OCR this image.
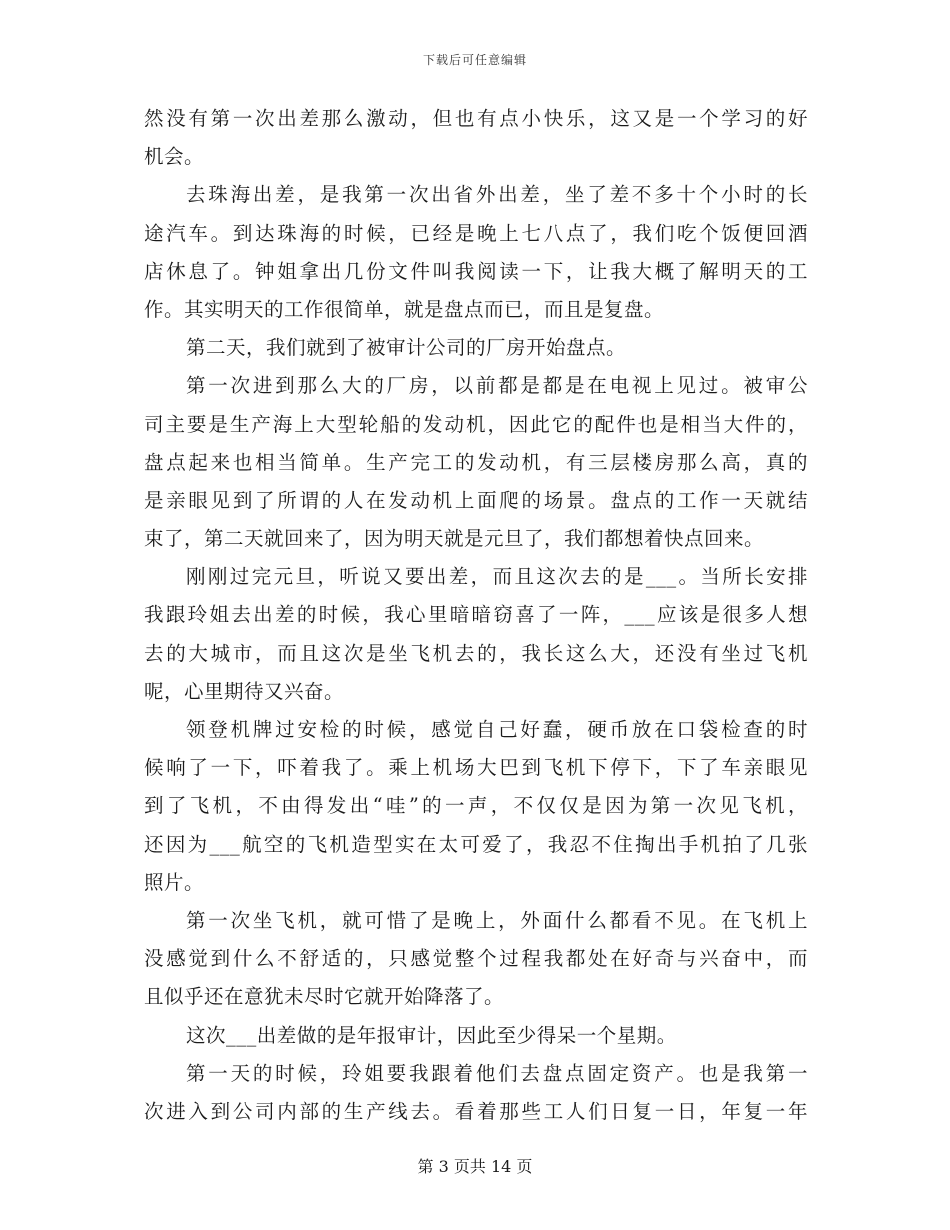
下载后可任意编辑
然没有第一次出差那么激动，但也有点小快乐，这又是一个学习的好
机会。
去珠海出差，是我第一次出省外出差，坐了差不多十个小时的长
途汽车。到达珠海的时候，已经是晚上七八点了，我们吃个饭便回酒
店休息了。钟姐拿出几份文件叫我阅读一下，让我大概了解明天的工
作。其实明天的工作很简单，就是盘点而已，而且是复盘。
第二天，我们就到了被审计公司的厂房开始盘点。
第一次进到那么大的厂房，以前都是都是在电视上见过。被审公
司主要是生产海上大型轮船的发动机，因此它的配件也是相当大件的，
盘点起来也相当简单。生产完工的发动机，有三层楼房那么高，真的
是亲眼见到了所谓的人在发动机上面爬的场景。盘点的工作一天就结
束了，第二天就回来了，因为明天就是元旦了，我们都想着快点回来。
刚刚过完元旦，听说又要出差，而且这次去的是___。当所长安排
我跟玲姐去出差的时候，我心里暗暗窃喜了一阵，___应该是很多人想
去的大城市，而且这次是坐飞机去的，我长这么大，还没有坐过飞机
呢，心里期待又兴奋。
领登机牌过安检的时候，感觉自己好蠢，硬币放在口袋检查的时
候响了一下，吓着我了。乘上机场大巴到飞机下停下，下了车亲眼见
到了飞机，不由得发出“哇”的一声，不仅仅是因为第一次见飞机，
还因为___航空的飞机造型实在太可爱了，我忍不住掏出手机拍了几张
照片。
第一次坐飞机，就可惜了是晚上，外面什么都看不见。在飞机上
没感觉到什么不舒适的，只感觉整个过程我都处在好奇与兴奋中，而
且似乎还在意犹未尽时它就开始降落了。
这次___出差做的是年报审计，因此至少得呆一个星期。
第一天的时候，玲姐要我跟着他们去盘点固定资产。也是我第一
次进入到公司内部的生产线去。看着那些工人们日复一日，年复一年
第 3 页共 14 页
